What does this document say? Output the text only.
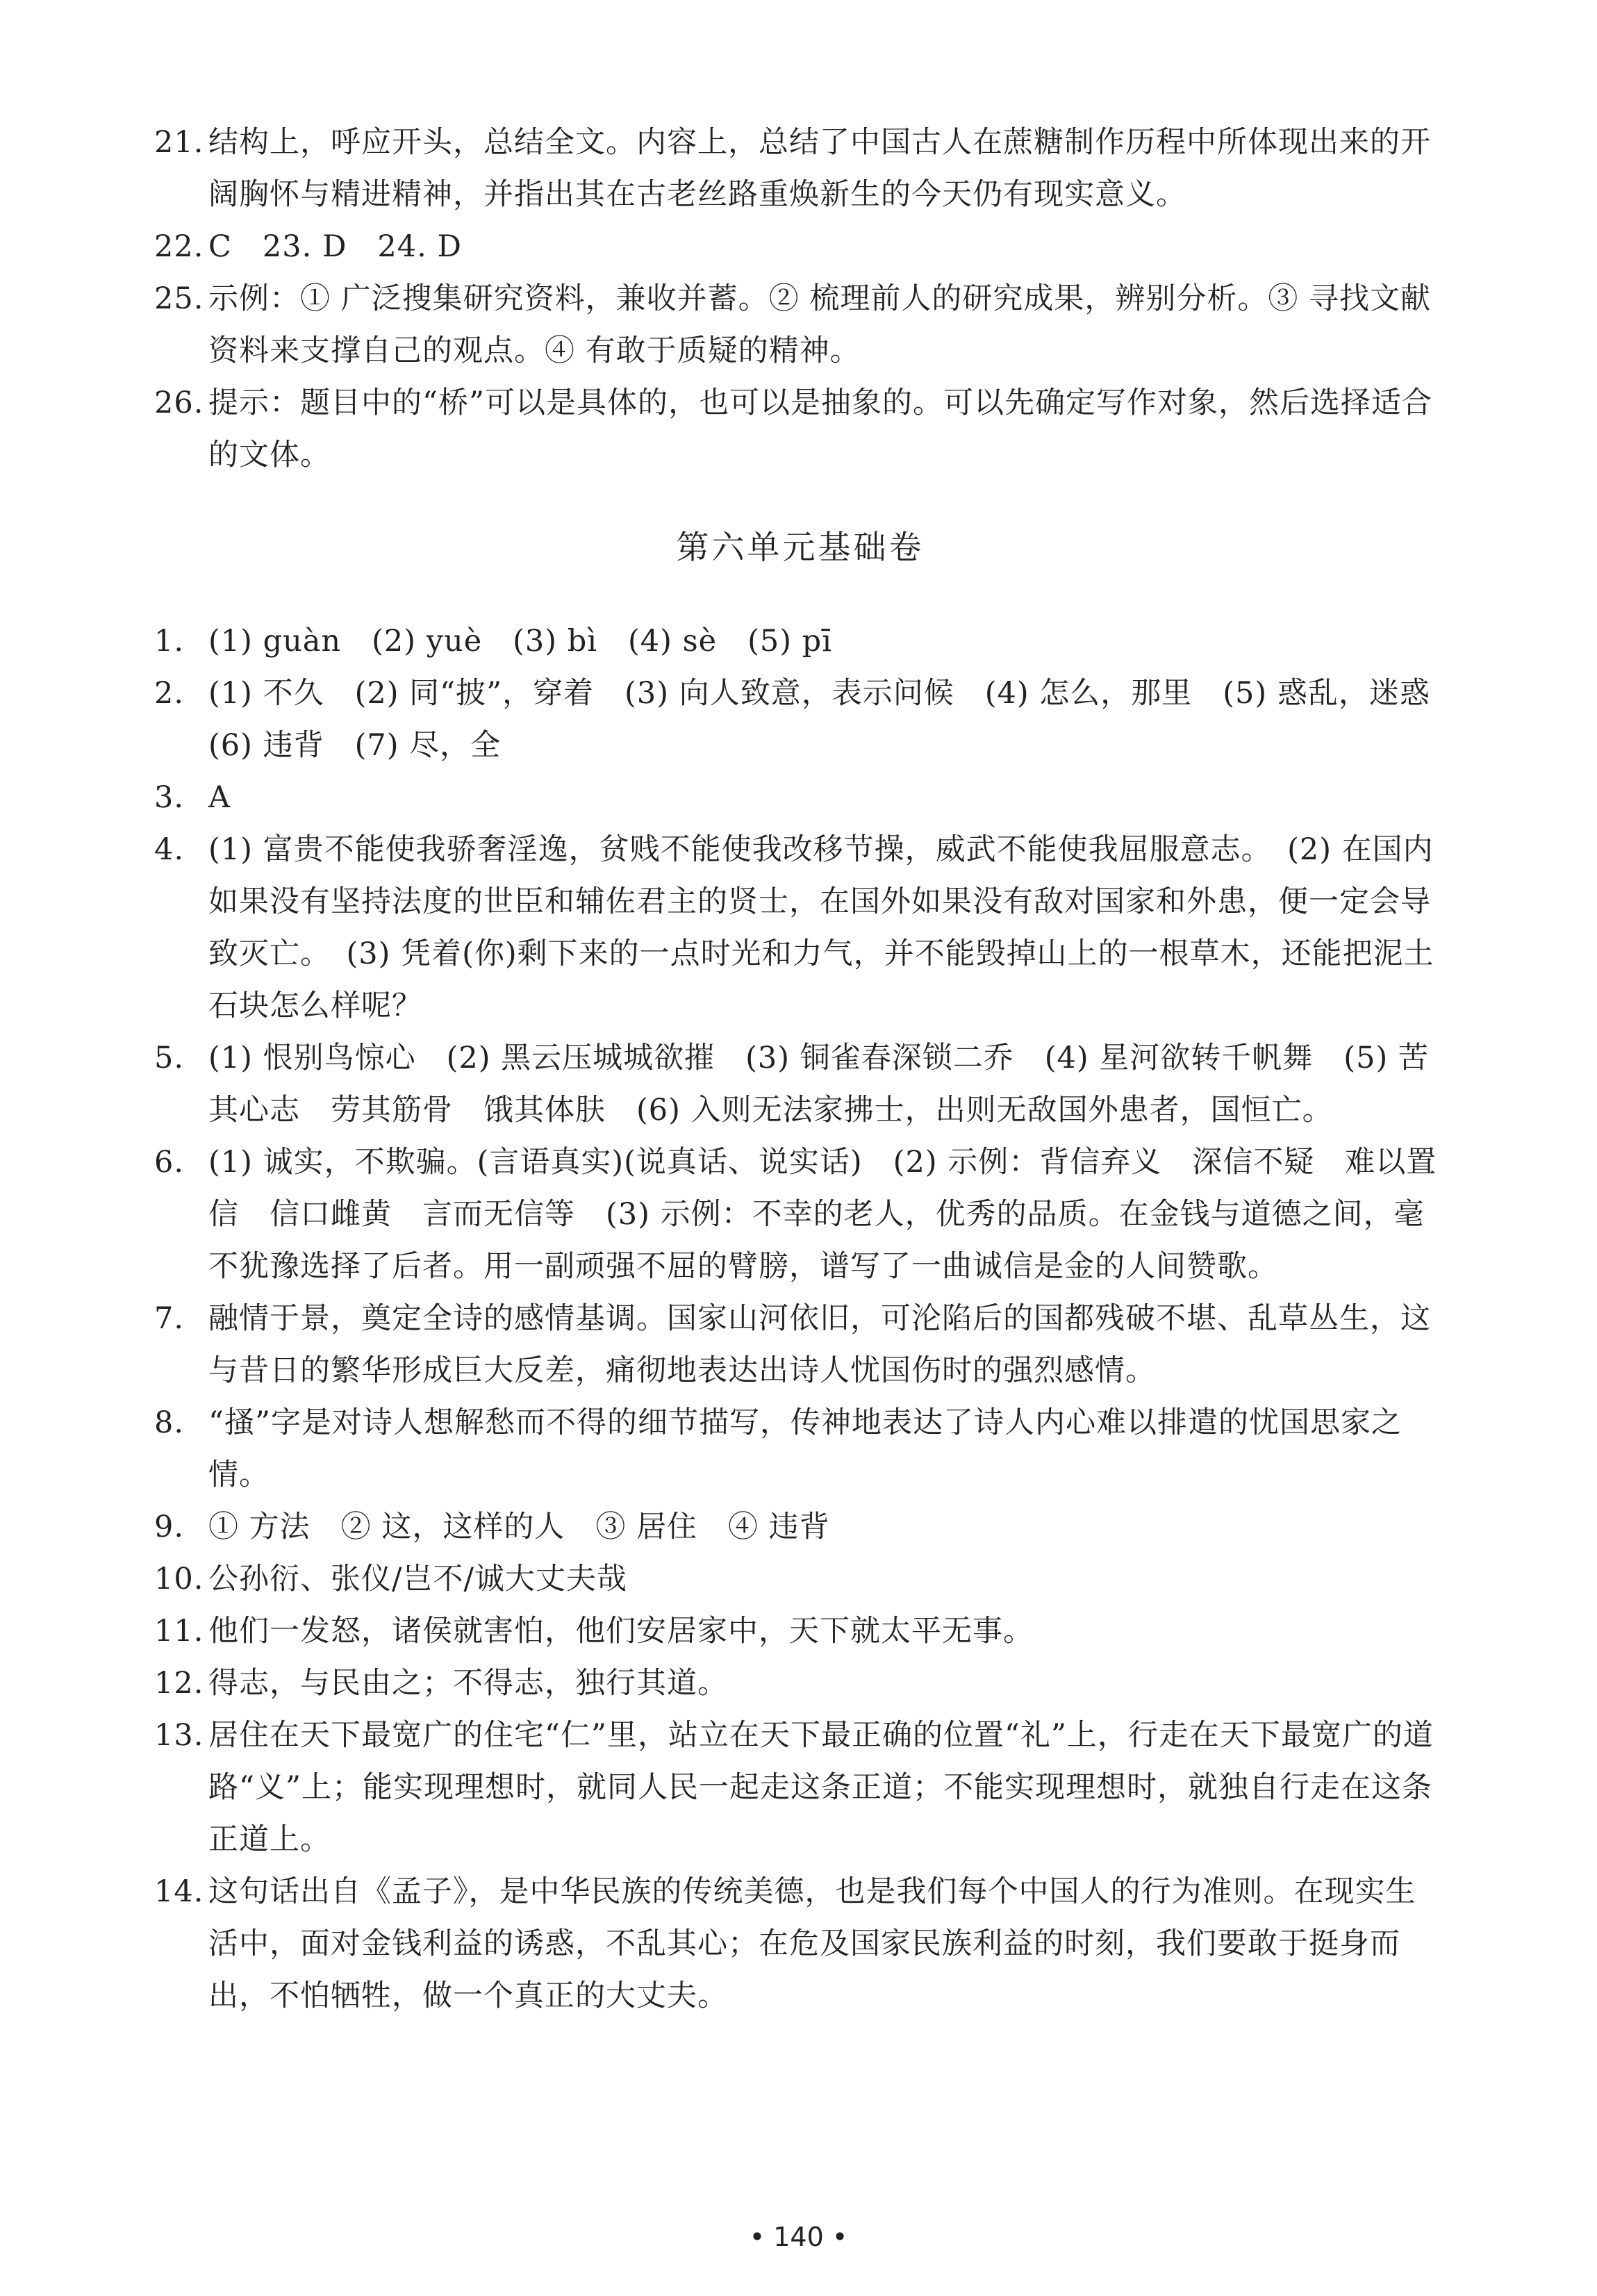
21. 结构上，呼应开头，总结全文。内容上，总结了中国古人在蔗糖制作历程中所体现出来的开阔胸怀与精进精神，并指出其在古老丝路重焕新生的今天仍有现实意义。
22. C　23. D　24. D
25. 示例：① 广泛搜集研究资料，兼收并蓄。② 梳理前人的研究成果，辨别分析。③ 寻找文献资料来支撑自己的观点。④ 有敢于质疑的精神。
26. 提示：题目中的“桥”可以是具体的，也可以是抽象的。可以先确定写作对象，然后选择适合的文体。
第六单元基础卷
1. (1) guàn　(2) yuè　(3) bì　(4) sè　(5) pī
2. (1) 不久　(2) 同“披”，穿着　(3) 向人致意，表示问候　(4) 怎么，那里　(5) 惑乱，迷惑　(6) 违背　(7) 尽，全
3. A
4. (1) 富贵不能使我骄奢淫逸，贫贱不能使我改移节操，威武不能使我屈服意志。　(2) 在国内如果没有坚持法度的世臣和辅佐君主的贤士，在国外如果没有敌对国家和外患，便一定会导致灭亡。　(3) 凭着(你)剩下来的一点时光和力气，并不能毁掉山上的一根草木，还能把泥土石块怎么样呢？
5. (1) 恨别鸟惊心　(2) 黑云压城城欲摧　(3) 铜雀春深锁二乔　(4) 星河欲转千帆舞　(5) 苦其心志　劳其筋骨　饿其体肤　(6) 入则无法家拂士，出则无敌国外患者，国恒亡。
6. (1) 诚实，不欺骗。(言语真实)(说真话、说实话)　(2) 示例：背信弃义　深信不疑　难以置信　信口雌黄　言而无信等　(3) 示例：不幸的老人，优秀的品质。在金钱与道德之间，毫不犹豫选择了后者。用一副顽强不屈的臂膀，谱写了一曲诚信是金的人间赞歌。
7. 融情于景，奠定全诗的感情基调。国家山河依旧，可沦陷后的国都残破不堪、乱草丛生，这与昔日的繁华形成巨大反差，痛彻地表达出诗人忧国伤时的强烈感情。
8. “搔”字是对诗人想解愁而不得的细节描写，传神地表达了诗人内心难以排遣的忧国思家之情。
9. ① 方法　② 这，这样的人　③ 居住　④ 违背
10. 公孙衍、张仪/岂不/诚大丈夫哉
11. 他们一发怒，诸侯就害怕，他们安居家中，天下就太平无事。
12. 得志，与民由之；不得志，独行其道。
13. 居住在天下最宽广的住宅“仁”里，站立在天下最正确的位置“礼”上，行走在天下最宽广的道路“义”上；能实现理想时，就同人民一起走这条正道；不能实现理想时，就独自行走在这条正道上。
14. 这句话出自《孟子》，是中华民族的传统美德，也是我们每个中国人的行为准则。在现实生活中，面对金钱利益的诱惑，不乱其心；在危及国家民族利益的时刻，我们要敢于挺身而出，不怕牺牲，做一个真正的大丈夫。
• 140 •
